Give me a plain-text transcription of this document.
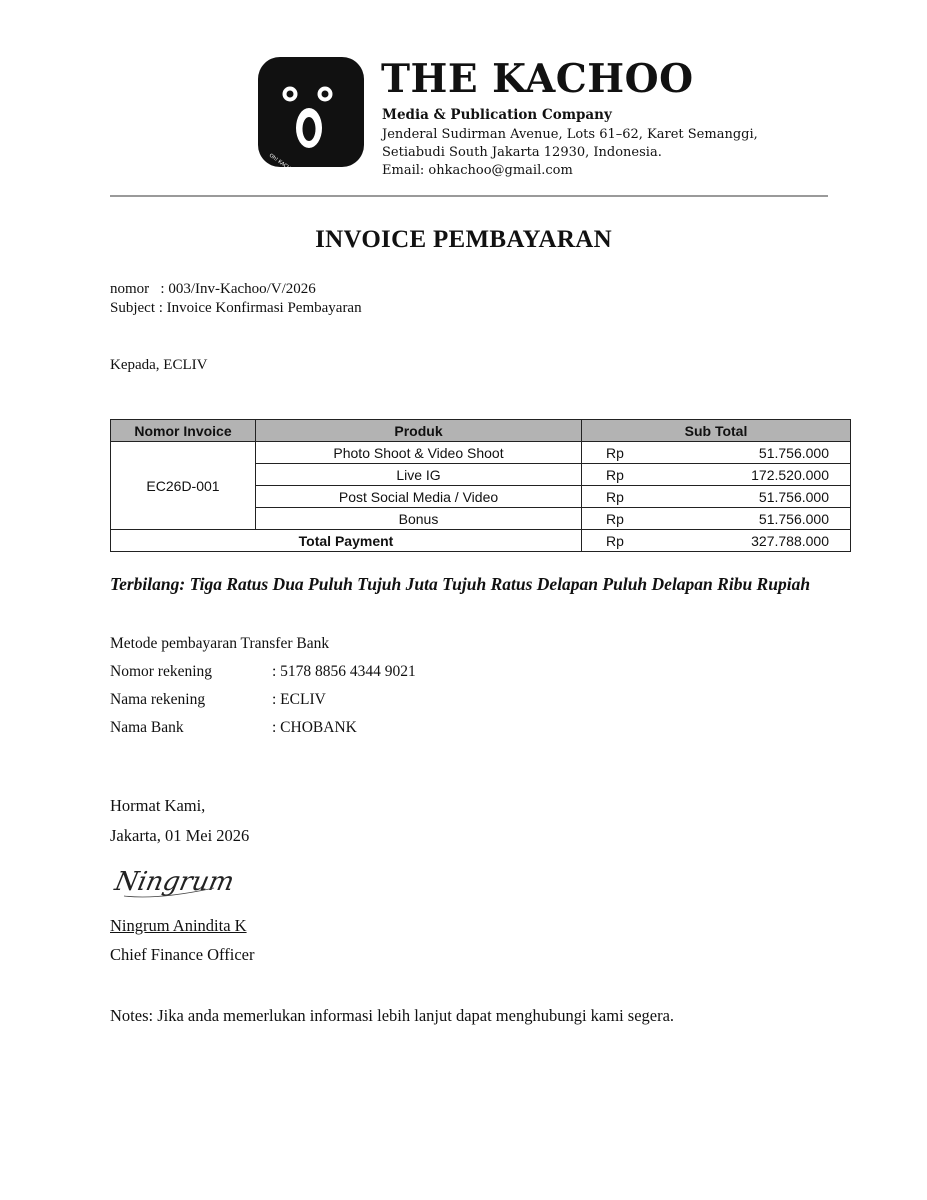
Oh! KACHOO
THE KACHOO
Media & Publication Company
Jenderal Sudirman Avenue, Lots 61–62, Karet Semanggi,
Setiabudi South Jakarta 12930, Indonesia.
Email: ohkachoo@gmail.com
INVOICE PEMBAYARAN
nomor   : 003/Inv-Kachoo/V/2026
Subject : Invoice Konfirmasi Pembayaran
Kepada, ECLIV
Nomor Invoice	Produk	Sub Total
EC26D-001	Photo Shoot & Video Shoot	Rp 51.756.000

	Live IG	Rp 172.520.000

	Post Social Media / Video	Rp 51.756.000

	Bonus	Rp 51.756.000

Total Payment		Rp 327.788.000
Terbilang: Tiga Ratus Dua Puluh Tujuh Juta Tujuh Ratus Delapan Puluh Delapan Ribu Rupiah
Metode pembayaran Transfer Bank
Nomor rekening	: 5178 8856 4344 9021
Nama rekening	: ECLIV
Nama Bank	: CHOBANK
Hormat Kami,
Jakarta, 01 Mei 2026
Ningrum
Ningrum Anindita K
Chief Finance Officer
Notes: Jika anda memerlukan informasi lebih lanjut dapat menghubungi kami segera.
